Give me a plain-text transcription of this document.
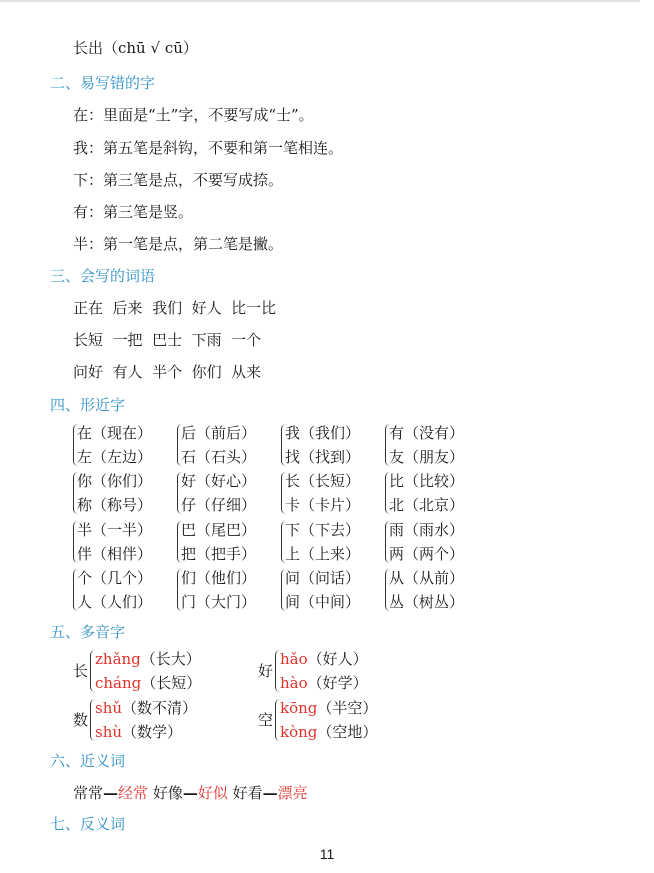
长出（chū √ cū）
二、易写错的字
在：里面是“土”字，不要写成“士”。
我：第五笔是斜钩，不要和第一笔相连。
下：第三笔是点，不要写成捺。
有：第三笔是竖。
半：第一笔是点，第二笔是撇。
三、会写的词语
正在  后来  我们  好人  比一比
长短  一把  巴士  下雨  一个
问好  有人  半个  你们  从来
四、形近字
在（现在）
左（左边）
后（前后）
石（石头）
我（我们）
找（找到）
有（没有）
友（朋友）
你（你们）
称（称号）
好（好心）
仔（仔细）
长（长短）
卡（卡片）
比（比较）
北（北京）
半（一半）
伴（相伴）
巴（尾巴）
把（把手）
下（下去）
上（上来）
雨（雨水）
两（两个）
个（几个）
人（人们）
们（他们）
门（大门）
问（问话）
间（中间）
从（从前）
丛（树丛）
五、多音字
长
zhǎng（长大）
cháng（长短）
好
hǎo（好人）
hào（好学）
数
shǔ（数不清）
shù（数学）
空
kōng（半空）
kòng（空地）
六、近义词
常常—经常 好像—好似 好看—漂亮
七、反义词
11
